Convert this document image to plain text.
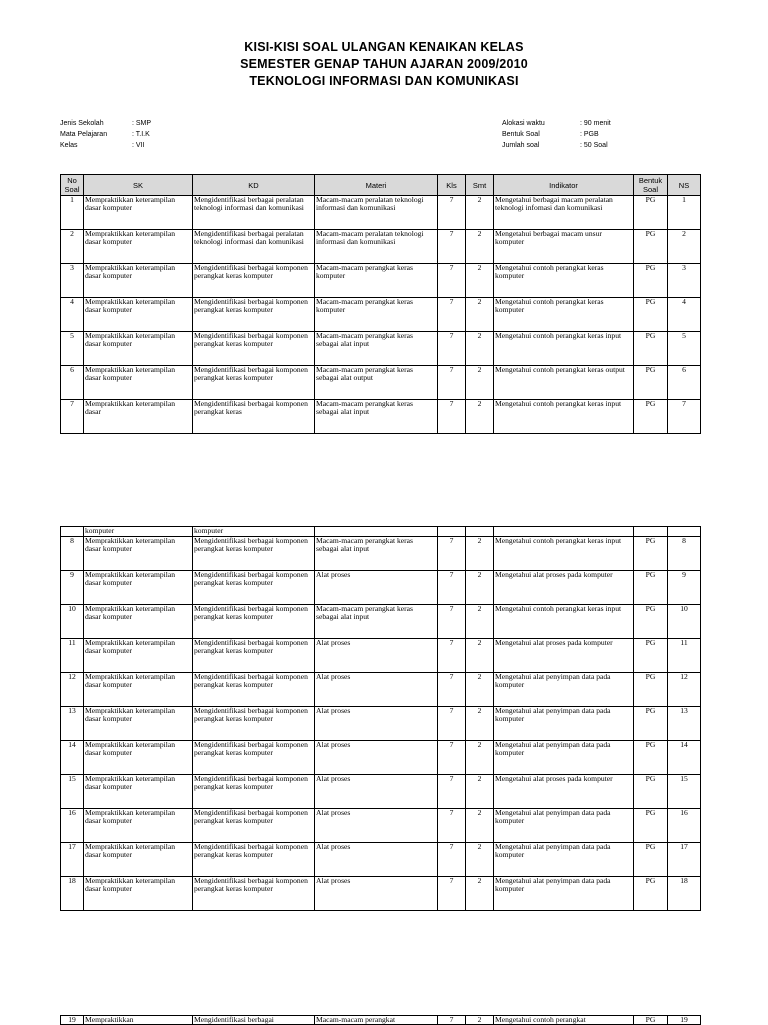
KISI-KISI SOAL ULANGAN KENAIKAN KELAS
SEMESTER GENAP TAHUN AJARAN 2009/2010
TEKNOLOGI INFORMASI DAN KOMUNIKASI
Jenis Sekolah	: SMP
Mata Pelajaran	: T.I.K
Kelas	: VII
Alokasi waktu	: 90 menit
Bentuk Soal	: PGB
Jumlah soal	: 50 Soal
No Soal	SK	KD	Materi	Kls	Smt	Indikator	Bentuk Soal	NS
1	Mempraktikkan keterampilan dasar komputer	Mengidentifikasi berbagai peralatan teknologi informasi dan komunikasi	Macam-macam peralatan teknologi informasi dan komunikasi	7	2	Mengetahui berbagai macam peralatan teknologi infomasi dan komunikasi	PG	1
2	Mempraktikkan keterampilan dasar komputer	Mengidentifikasi berbagai peralatan teknologi informasi dan komunikasi	Macam-macam peralatan teknologi informasi dan komunikasi	7	2	Mengetahui berbagai macam unsur komputer	PG	2
3	Mempraktikkan keterampilan dasar komputer	Mengidentifikasi berbagai komponen perangkat keras komputer	Macam-macam perangkat keras komputer	7	2	Mengetahui contoh perangkat keras komputer	PG	3
4	Mempraktikkan keterampilan dasar komputer	Mengidentifikasi berbagai komponen perangkat keras komputer	Macam-macam perangkat keras komputer	7	2	Mengetahui contoh perangkat keras komputer	PG	4
5	Mempraktikkan keterampilan dasar komputer	Mengidentifikasi berbagai komponen perangkat keras komputer	Macam-macam perangkat keras sebagai alat input	7	2	Mengetahui contoh perangkat keras input	PG	5
6	Mempraktikkan keterampilan dasar komputer	Mengidentifikasi berbagai komponen perangkat keras komputer	Macam-macam perangkat keras sebagai alat output	7	2	Mengetahui contoh perangkat keras output	PG	6
7	Mempraktikkan keterampilan dasar	Mengidentifikasi berbagai komponen perangkat keras	Macam-macam perangkat keras sebagai alat input	7	2	Mengetahui contoh perangkat keras input	PG	7
	komputer	komputer						
8	Mempraktikkan keterampilan dasar komputer	Mengidentifikasi berbagai komponen perangkat keras komputer	Macam-macam perangkat keras sebagai alat input	7	2	Mengetahui contoh perangkat keras input	PG	8
9	Mempraktikkan keterampilan dasar komputer	Mengidentifikasi berbagai komponen perangkat keras komputer	Alat proses	7	2	Mengetahui alat proses pada komputer	PG	9
10	Mempraktikkan keterampilan dasar komputer	Mengidentifikasi berbagai komponen perangkat keras komputer	Macam-macam perangkat keras sebagai alat input	7	2	Mengetahui contoh perangkat keras input	PG	10
11	Mempraktikkan keterampilan dasar komputer	Mengidentifikasi berbagai komponen perangkat keras komputer	Alat proses	7	2	Mengetahui alat proses pada komputer	PG	11
12	Mempraktikkan keterampilan dasar komputer	Mengidentifikasi berbagai komponen perangkat keras komputer	Alat proses	7	2	Mengetahui alat penyimpan data pada komputer	PG	12
13	Mempraktikkan keterampilan dasar komputer	Mengidentifikasi berbagai komponen perangkat keras komputer	Alat proses	7	2	Mengetahui alat penyimpan data pada komputer	PG	13
14	Mempraktikkan keterampilan dasar komputer	Mengidentifikasi berbagai komponen perangkat keras komputer	Alat proses	7	2	Mengetahui alat penyimpan data pada komputer	PG	14
15	Mempraktikkan keterampilan dasar komputer	Mengidentifikasi berbagai komponen perangkat keras komputer	Alat proses	7	2	Mengetahui alat proses pada komputer	PG	15
16	Mempraktikkan keterampilan dasar komputer	Mengidentifikasi berbagai komponen perangkat keras komputer	Alat proses	7	2	Mengetahui alat penyimpan data pada komputer	PG	16
17	Mempraktikkan keterampilan dasar komputer	Mengidentifikasi berbagai komponen perangkat keras komputer	Alat proses	7	2	Mengetahui alat penyimpan data pada komputer	PG	17
18	Mempraktikkan keterampilan dasar komputer	Mengidentifikasi berbagai komponen perangkat keras komputer	Alat proses	7	2	Mengetahui alat penyimpan data pada komputer	PG	18
19	Mempraktikkan	Mengidentifikasi berbagai	Macam-macam perangkat	7	2	Mengetahui contoh perangkat	PG	19
